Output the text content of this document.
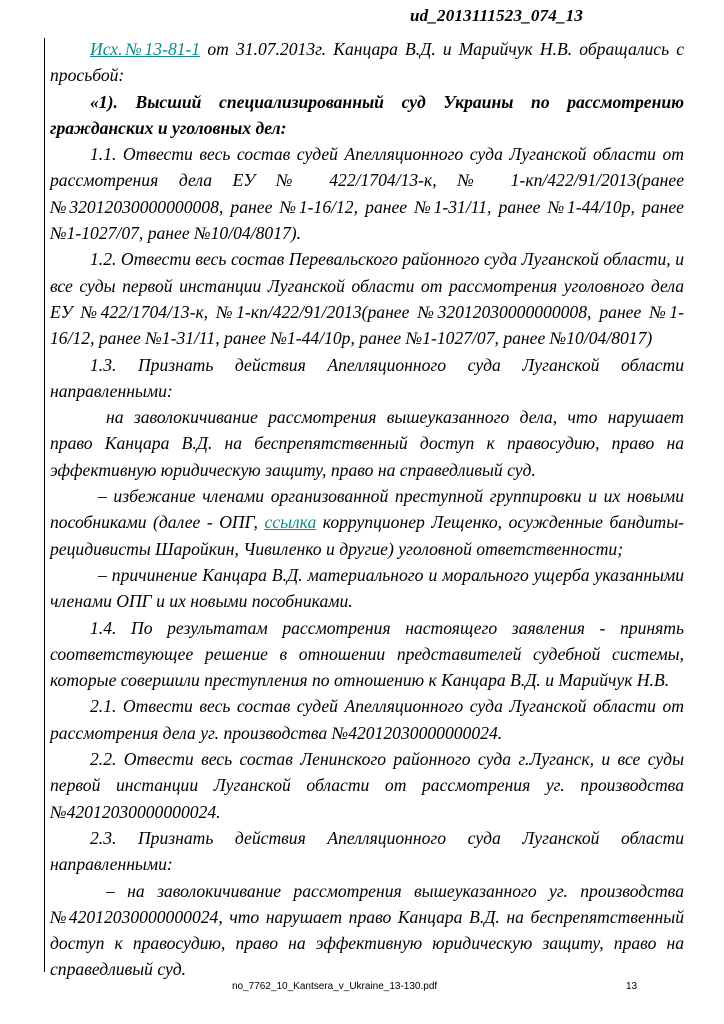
ud_2013111523_074_13

Исх.№13-81-1 от 31.07.2013г. Канцара В.Д. и Марийчук Н.В. обращались с просьбой:

«1). Высший специализированный суд Украины по рассмотрению гражданских и уголовных дел:

1.1. Отвести весь состав судей Апелляционного суда Луганской области от рассмотрения дела ЕУ № 422/1704/13-к, № 1-кп/422/91/2013(ранее №32012030000000008, ранее №1-16/12, ранее №1-31/11, ранее №1-44/10р, ранее №1-1027/07, ранее №10/04/8017).

1.2. Отвести весь состав Перевальского районного суда Луганской области, и все суды первой инстанции Луганской области от рассмотрения уголовного дела ЕУ №422/1704/13-к, №1-кп/422/91/2013(ранее №32012030000000008, ранее №1-16/12, ранее №1-31/11, ранее №1-44/10р, ранее №1-1027/07, ранее №10/04/8017)

1.3. Признать действия Апелляционного суда Луганской области направленными:

на заволокичивание рассмотрения вышеуказанного дела, что нарушает право Канцара В.Д. на беспрепятственный доступ к правосудию, право на эффективную юридическую защиту, право на справедливый суд.

– избежание членами организованной преступной группировки и их новыми пособниками (далее - ОПГ, ссылка коррупционер Лещенко, осужденные бандиты-рецидивисты Шаройкин, Чивиленко и другие) уголовной ответственности;

– причинение Канцара В.Д. материального и морального ущерба указанными членами ОПГ и их новыми пособниками.

1.4. По результатам рассмотрения настоящего заявления - принять соответствующее решение в отношении представителей судебной системы, которые совершили преступления по отношению к Канцара В.Д. и Марийчук Н.В.

2.1. Отвести весь состав судей Апелляционного суда Луганской области от рассмотрения дела уг. производства №42012030000000024.

2.2. Отвести весь состав Ленинского районного суда г.Луганск, и все суды первой инстанции Луганской области от рассмотрения уг. производства №42012030000000024.

2.3. Признать действия Апелляционного суда Луганской области направленными:

– на заволокичивание рассмотрения вышеуказанного уг. производства №42012030000000024, что нарушает право Канцара В.Д. на беспрепятственный доступ к правосудию, право на эффективную юридическую защиту, право на справедливый суд.

no_7762_10_Kantsera_v_Ukraine_13-130.pdf	13
